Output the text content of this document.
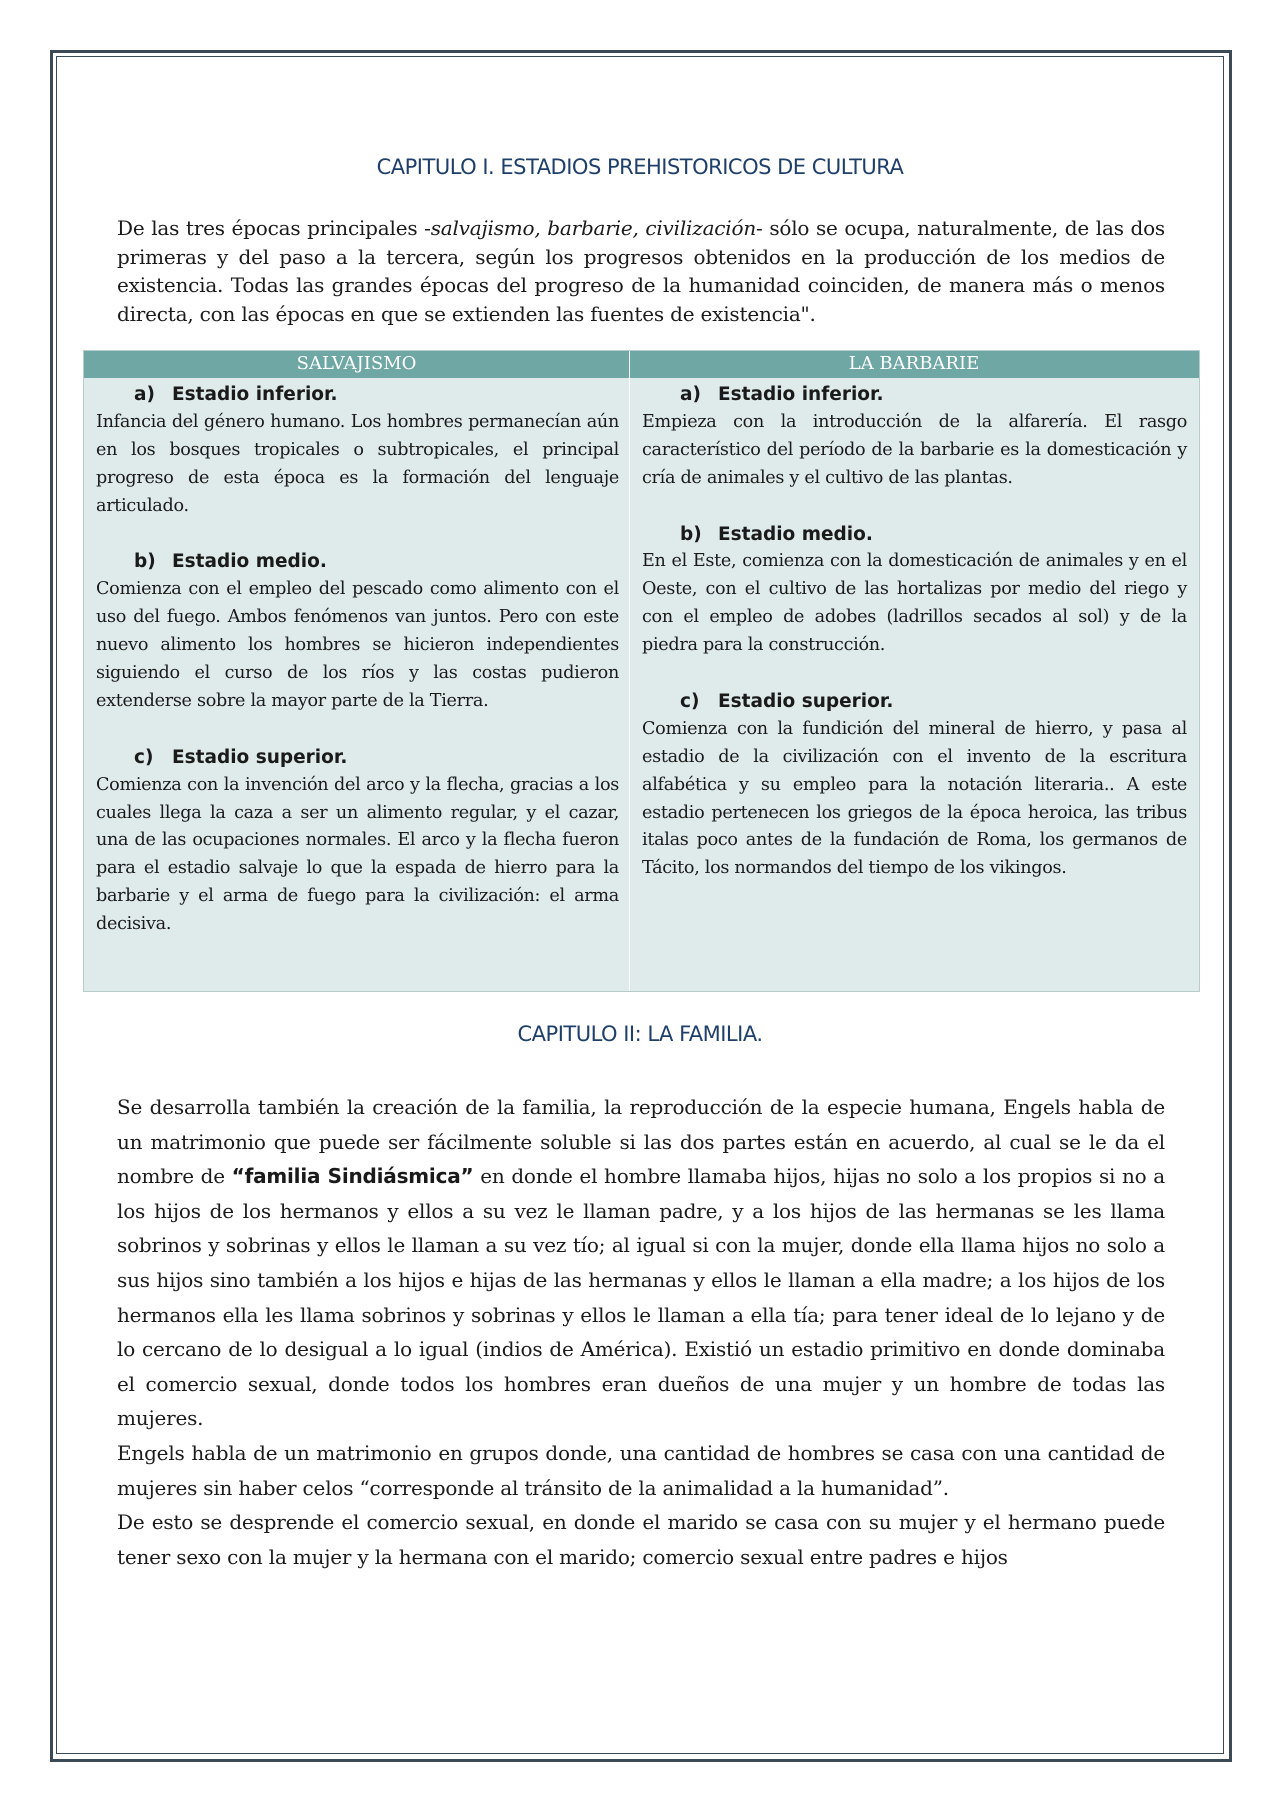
CAPITULO I. ESTADIOS PREHISTORICOS DE CULTURA

De las tres épocas principales -salvajismo, barbarie, civilización- sólo se ocupa, naturalmente, de las dos primeras y del paso a la tercera, según los progresos obtenidos en la producción de los medios de existencia. Todas las grandes épocas del progreso de la humanidad coinciden, de manera más o menos directa, con las épocas en que se extienden las fuentes de existencia".

SALVAJISMO	LA BARBARIE

a) Estadio inferior.

Infancia del género humano. Los hombres permanecían aún en los bosques tropicales o subtropicales, el principal progreso de esta época es la formación del lenguaje articulado.

b) Estadio medio.

Comienza con el empleo del pescado como alimento con el uso del fuego. Ambos fenómenos van juntos. Pero con este nuevo alimento los hombres se hicieron independientes siguiendo el curso de los ríos y las costas pudieron extenderse sobre la mayor parte de la Tierra.

c) Estadio superior.

Comienza con la invención del arco y la flecha, gracias a los cuales llega la caza a ser un alimento regular, y el cazar, una de las ocupaciones normales. El arco y la flecha fueron para el estadio salvaje lo que la espada de hierro para la barbarie y el arma de fuego para la civilización: el arma decisiva.

a) Estadio inferior.

Empieza con la introducción de la alfarería. El rasgo característico del período de la barbarie es la domesticación y cría de animales y el cultivo de las plantas.

b) Estadio medio.

En el Este, comienza con la domesticación de animales y en el Oeste, con el cultivo de las hortalizas por medio del riego y con el empleo de adobes (ladrillos secados al sol) y de la piedra para la construcción.

c) Estadio superior.

Comienza con la fundición del mineral de hierro, y pasa al estadio de la civilización con el invento de la escritura alfabética y su empleo para la notación literaria.. A este estadio pertenecen los griegos de la época heroica, las tribus italas poco antes de la fundación de Roma, los germanos de Tácito, los normandos del tiempo de los vikingos.

CAPITULO II: LA FAMILIA.

Se desarrolla también la creación de la familia, la reproducción de la especie humana, Engels habla de un matrimonio que puede ser fácilmente soluble si las dos partes están en acuerdo, al cual se le da el nombre de “familia Sindiásmica” en donde el hombre llamaba hijos, hijas no solo a los propios si no a los hijos de los hermanos y ellos a su vez le llaman padre, y a los hijos de las hermanas se les llama sobrinos y sobrinas y ellos le llaman a su vez tío; al igual si con la mujer, donde ella llama hijos no solo a sus hijos sino también a los hijos e hijas de las hermanas y ellos le llaman a ella madre; a los hijos de los hermanos ella les llama sobrinos y sobrinas y ellos le llaman a ella tía; para tener ideal de lo lejano y de lo cercano de lo desigual a lo igual (indios de América). Existió un estadio primitivo en donde dominaba el comercio sexual, donde todos los hombres eran dueños de una mujer y un hombre de todas las mujeres.

Engels habla de un matrimonio en grupos donde, una cantidad de hombres se casa con una cantidad de mujeres sin haber celos “corresponde al tránsito de la animalidad a la humanidad”.

De esto se desprende el comercio sexual, en donde el marido se casa con su mujer y el hermano puede tener sexo con la mujer y la hermana con el marido; comercio sexual entre padres e hijos
